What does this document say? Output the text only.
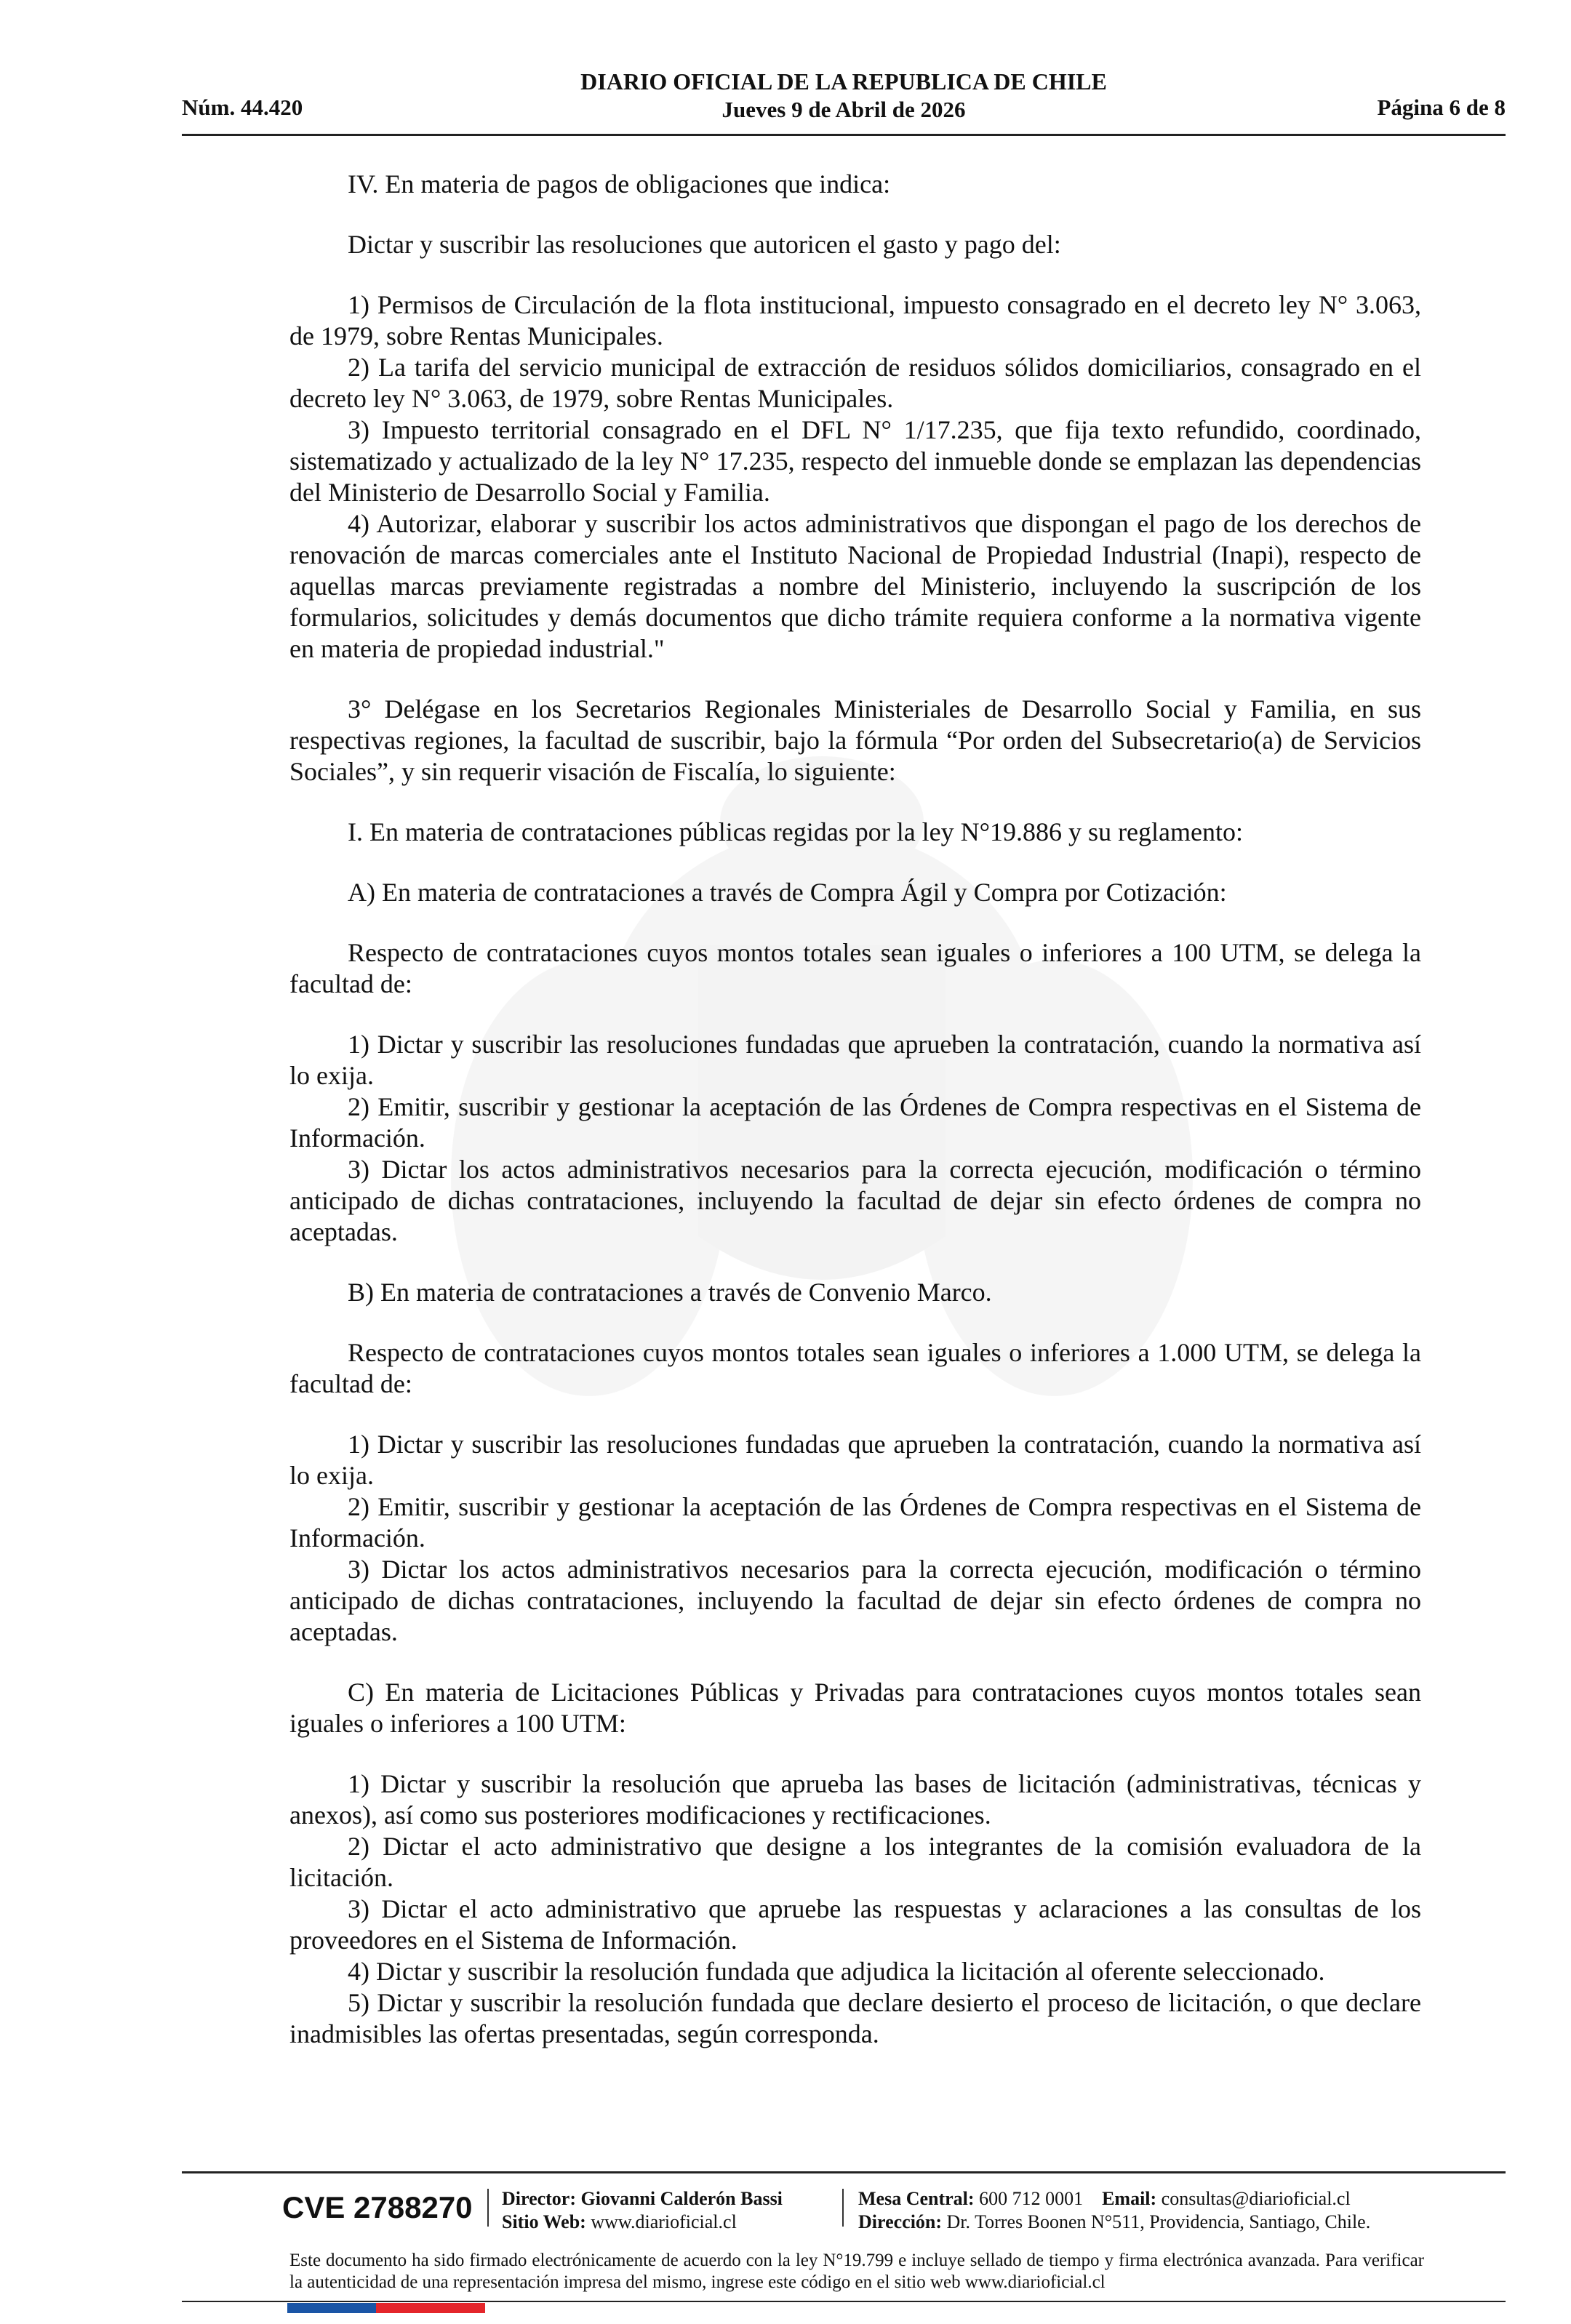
Núm. 44.420
DIARIO OFICIAL DE LA REPUBLICA DE CHILE
Jueves 9 de Abril de 2026	Página 6 de 8

IV. En materia de pagos de obligaciones que indica:

Dictar y suscribir las resoluciones que autoricen el gasto y pago del:

1) Permisos de Circulación de la flota institucional, impuesto consagrado en el decreto ley N° 3.063, de 1979, sobre Rentas Municipales.

2) La tarifa del servicio municipal de extracción de residuos sólidos domiciliarios, consagrado en el decreto ley N° 3.063, de 1979, sobre Rentas Municipales.

3) Impuesto territorial consagrado en el DFL N° 1/17.235, que fija texto refundido, coordinado, sistematizado y actualizado de la ley N° 17.235, respecto del inmueble donde se emplazan las dependencias del Ministerio de Desarrollo Social y Familia.

4) Autorizar, elaborar y suscribir los actos administrativos que dispongan el pago de los derechos de renovación de marcas comerciales ante el Instituto Nacional de Propiedad Industrial (Inapi), respecto de aquellas marcas previamente registradas a nombre del Ministerio, incluyendo la suscripción de los formularios, solicitudes y demás documentos que dicho trámite requiera conforme a la normativa vigente en materia de propiedad industrial."

3° Delégase en los Secretarios Regionales Ministeriales de Desarrollo Social y Familia, en sus respectivas regiones, la facultad de suscribir, bajo la fórmula “Por orden del Subsecretario(a) de Servicios Sociales”, y sin requerir visación de Fiscalía, lo siguiente:

I. En materia de contrataciones públicas regidas por la ley N°19.886 y su reglamento:

A) En materia de contrataciones a través de Compra Ágil y Compra por Cotización:

Respecto de contrataciones cuyos montos totales sean iguales o inferiores a 100 UTM, se delega la facultad de:

1) Dictar y suscribir las resoluciones fundadas que aprueben la contratación, cuando la normativa así lo exija.

2) Emitir, suscribir y gestionar la aceptación de las Órdenes de Compra respectivas en el Sistema de Información.

3) Dictar los actos administrativos necesarios para la correcta ejecución, modificación o término anticipado de dichas contrataciones, incluyendo la facultad de dejar sin efecto órdenes de compra no aceptadas.

B) En materia de contrataciones a través de Convenio Marco.

Respecto de contrataciones cuyos montos totales sean iguales o inferiores a 1.000 UTM, se delega la facultad de:

1) Dictar y suscribir las resoluciones fundadas que aprueben la contratación, cuando la normativa así lo exija.

2) Emitir, suscribir y gestionar la aceptación de las Órdenes de Compra respectivas en el Sistema de Información.

3) Dictar los actos administrativos necesarios para la correcta ejecución, modificación o término anticipado de dichas contrataciones, incluyendo la facultad de dejar sin efecto órdenes de compra no aceptadas.

C) En materia de Licitaciones Públicas y Privadas para contrataciones cuyos montos totales sean iguales o inferiores a 100 UTM:

1) Dictar y suscribir la resolución que aprueba las bases de licitación (administrativas, técnicas y anexos), así como sus posteriores modificaciones y rectificaciones.

2) Dictar el acto administrativo que designe a los integrantes de la comisión evaluadora de la licitación.

3) Dictar el acto administrativo que apruebe las respuestas y aclaraciones a las consultas de los proveedores en el Sistema de Información.

4) Dictar y suscribir la resolución fundada que adjudica la licitación al oferente seleccionado.

5) Dictar y suscribir la resolución fundada que declare desierto el proceso de licitación, o que declare inadmisibles las ofertas presentadas, según corresponda.

CVE 2788270 Director: Giovanni Calderón Bassi
Sitio Web: www.diarioficial.cl
Mesa Central: 600 712 0001 Email: consultas@diarioficial.cl
Dirección: Dr. Torres Boonen N°511, Providencia, Santiago, Chile.
Este documento ha sido firmado electrónicamente de acuerdo con la ley N°19.799 e incluye sellado de tiempo y firma electrónica avanzada. Para verificar la autenticidad de una representación impresa del mismo, ingrese este código en el sitio web www.diarioficial.cl
